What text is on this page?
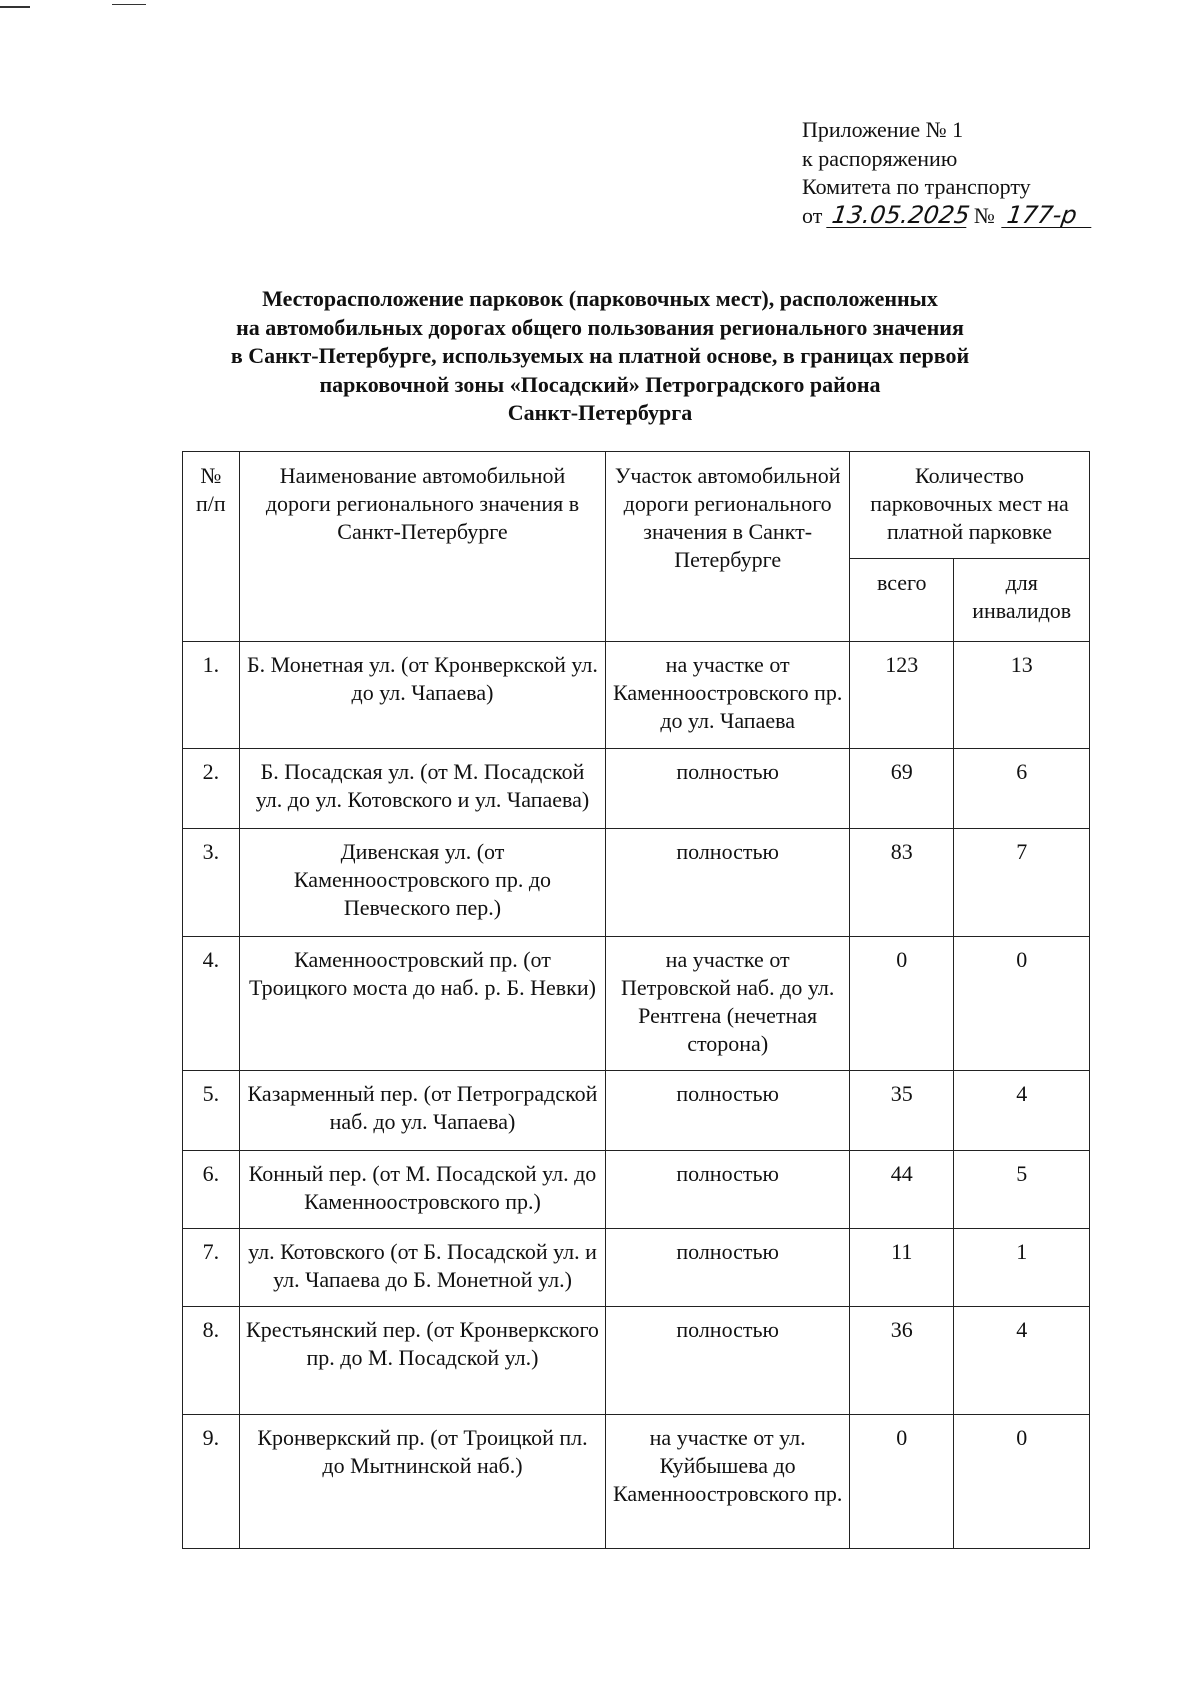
Приложение № 1
к распоряжению
Комитета по транспорту
от 13.05.2025 № 177-р
Месторасположение парковок (парковочных мест), расположенных
на автомобильных дорогах общего пользования регионального значения
в Санкт-Петербурге, используемых на платной основе, в границах первой
парковочной зоны «Посадский» Петроградского района
Санкт-Петербурга
№ п/п	Наименование автомобильной дороги регионального значения в Санкт-Петербурге	Участок автомобильной дороги регионального значения в Санкт-Петербурге	Количество парковочных мест на платной парковке	
			всего	для инвалидов
1.	Б. Монетная ул. (от Кронверкской ул. до ул. Чапаева)	на участке от Каменноостровского пр. до ул. Чапаева	123	13
2.	Б. Посадская ул. (от М. Посадской ул. до ул. Котовского и ул. Чапаева)	полностью	69	6
3.	Дивенская ул. (от Каменноостровского пр. до Певческого пер.)	полностью	83	7
4.	Каменноостровский пр. (от Троицкого моста до наб. р. Б. Невки)	на участке от Петровской наб. до ул. Рентгена (нечетная сторона)	0	0
5.	Казарменный пер. (от Петроградской наб. до ул. Чапаева)	полностью	35	4
6.	Конный пер. (от М. Посадской ул. до Каменноостровского пр.)	полностью	44	5
7.	ул. Котовского (от Б. Посадской ул. и ул. Чапаева до Б. Монетной ул.)	полностью	11	1
8.	Крестьянский пер. (от Кронверкского пр. до М. Посадской ул.)	полностью	36	4
9.	Кронверкский пр. (от Троицкой пл. до Мытнинской наб.)	на участке от ул. Куйбышева до Каменноостровского пр.	0	0
